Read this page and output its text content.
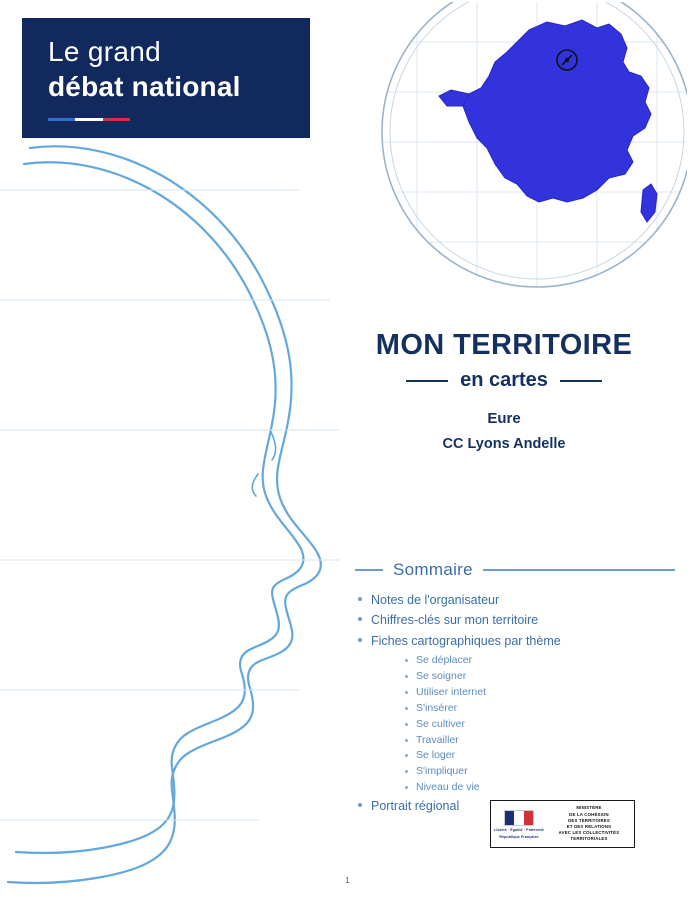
Le grand
débat national
MON TERRITOIRE
en cartes
Eure
CC Lyons Andelle
Sommaire
Notes de l'organisateur
Chiffres-clés sur mon territoire
Fiches cartographiques par thème
Se déplacer
Se soigner
Utiliser internet
S'insérer
Se cultiver
Travailler
Se loger
S'impliquer
Niveau de vie
Portrait régional
Liberté · Égalité · Fraternité
République Française
MINISTÈRE
DE LA COHÉSION
DES TERRITOIRES
ET DES RELATIONS
AVEC LES COLLECTIVITÉS
TERRITORIALES
1
